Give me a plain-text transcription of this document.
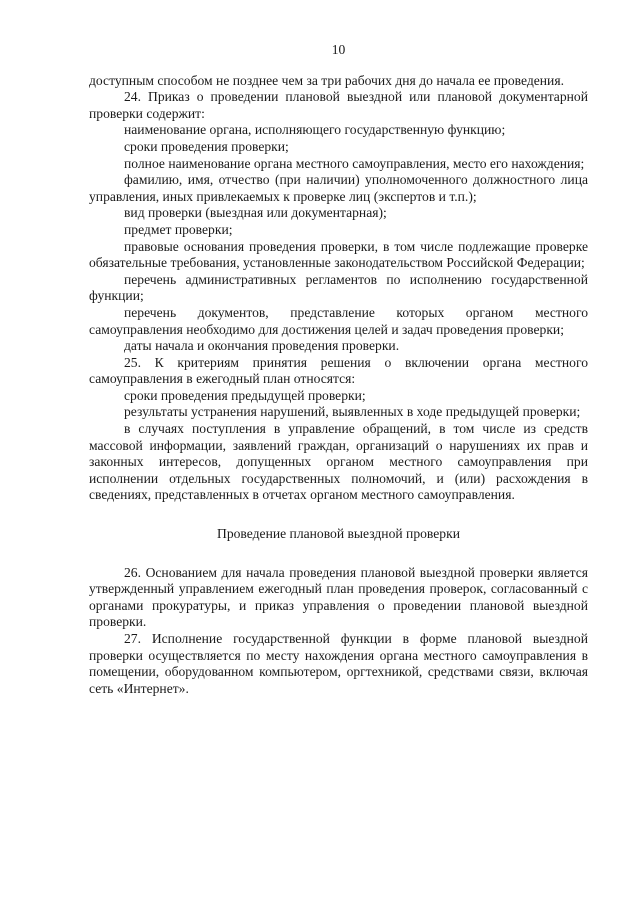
10

доступным способом не позднее чем за три рабочих дня до начала ее проведения.

24. Приказ о проведении плановой выездной или плановой документарной проверки содержит:

наименование органа, исполняющего государственную функцию;

сроки проведения проверки;

полное наименование органа местного самоуправления, место его нахождения;

фамилию, имя, отчество (при наличии) уполномоченного должностного лица управления, иных привлекаемых к проверке лиц (экспертов и т.п.);

вид проверки (выездная или документарная);

предмет проверки;

правовые основания проведения проверки, в том числе подлежащие проверке обязательные требования, установленные законодательством Российской Федерации;

перечень административных регламентов по исполнению государственной функции;

перечень документов, представление которых органом местного самоуправления необходимо для достижения целей и задач проведения проверки;

даты начала и окончания проведения проверки.

25. К критериям принятия решения о включении органа местного самоуправления в ежегодный план относятся:

сроки проведения предыдущей проверки;

результаты устранения нарушений, выявленных в ходе предыдущей проверки;

в случаях поступления в управление обращений, в том числе из средств массовой информации, заявлений граждан, организаций о нарушениях их прав и законных интересов, допущенных органом местного самоуправления при исполнении отдельных государственных полномочий, и (или) расхождения в сведениях, представленных в отчетах органом местного самоуправления.

Проведение плановой выездной проверки

26. Основанием для начала проведения плановой выездной проверки является утвержденный управлением ежегодный план проведения проверок, согласованный с органами прокуратуры, и приказ управления о проведении плановой выездной проверки.

27. Исполнение государственной функции в форме плановой выездной проверки осуществляется по месту нахождения органа местного самоуправления в помещении, оборудованном компьютером, оргтехникой, средствами связи, включая сеть «Интернет».
